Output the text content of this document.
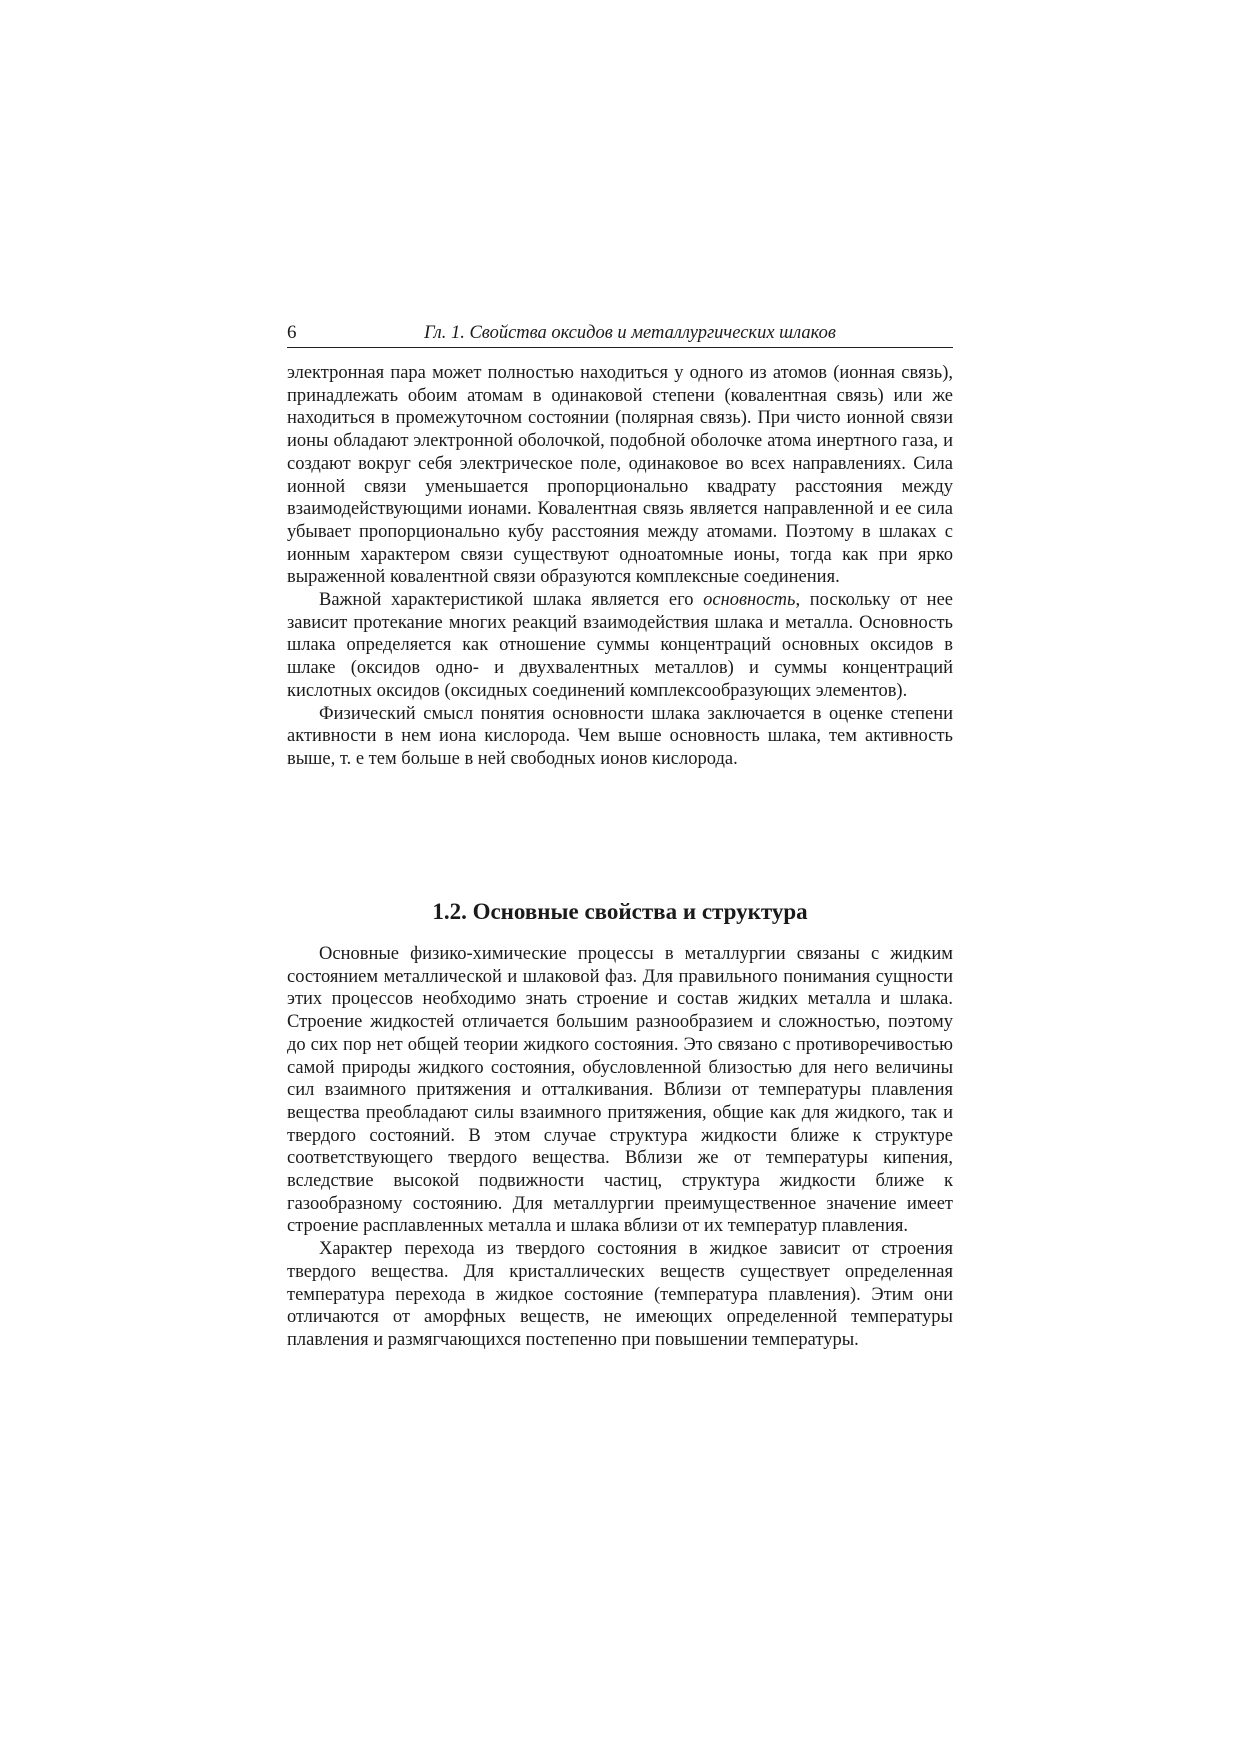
6	Гл. 1. Свойства оксидов и металлургических шлаков

электронная пара может полностью находиться у одного из атомов (ионная связь), принадлежать обоим атомам в одинаковой степени (ковалентная связь) или же находиться в промежуточном состоянии (полярная связь). При чисто ионной связи ионы обладают электронной оболочкой, подобной оболочке атома инертного газа, и создают вокруг себя электрическое поле, одинаковое во всех направлениях. Сила ионной связи уменьшается пропорционально квадрату расстояния между взаимодействующими ионами. Ковалентная связь является направленной и ее сила убывает пропорционально кубу расстояния между атомами. Поэтому в шлаках с ионным характером связи существуют одноатомные ионы, тогда как при ярко выраженной ковалентной связи образуются комплексные соединения.

Важной характеристикой шлака является его основность, поскольку от нее зависит протекание многих реакций взаимодействия шлака и металла. Основность шлака определяется как отношение суммы концентраций основных оксидов в шлаке (оксидов одно- и двухвалентных металлов) и суммы концентраций кислотных оксидов (оксидных соединений комплексообразующих элементов).

Физический смысл понятия основности шлака заключается в оценке степени активности в нем иона кислорода. Чем выше основность шлака, тем активность выше, т. е тем больше в ней свободных ионов кислорода.

1.2. Основные свойства и структура

Основные физико-химические процессы в металлургии связаны с жидким состоянием металлической и шлаковой фаз. Для правильного понимания сущности этих процессов необходимо знать строение и состав жидких металла и шлака. Строение жидкостей отличается большим разнообразием и сложностью, поэтому до сих пор нет общей теории жидкого состояния. Это связано с противоречивостью самой природы жидкого состояния, обусловленной близостью для него величины сил взаимного притяжения и отталкивания. Вблизи от температуры плавления вещества преобладают силы взаимного притяжения, общие как для жидкого, так и твердого состояний. В этом случае структура жидкости ближе к структуре соответствующего твердого вещества. Вблизи же от температуры кипения, вследствие высокой подвижности частиц, структура жидкости ближе к газообразному состоянию. Для металлургии преимущественное значение имеет строение расплавленных металла и шлака вблизи от их температур плавления.

Характер перехода из твердого состояния в жидкое зависит от строения твердого вещества. Для кристаллических веществ существует определенная температура перехода в жидкое состояние (температура плавления). Этим они отличаются от аморфных веществ, не имеющих определенной температуры плавления и размягчающихся постепенно при повышении температуры.
